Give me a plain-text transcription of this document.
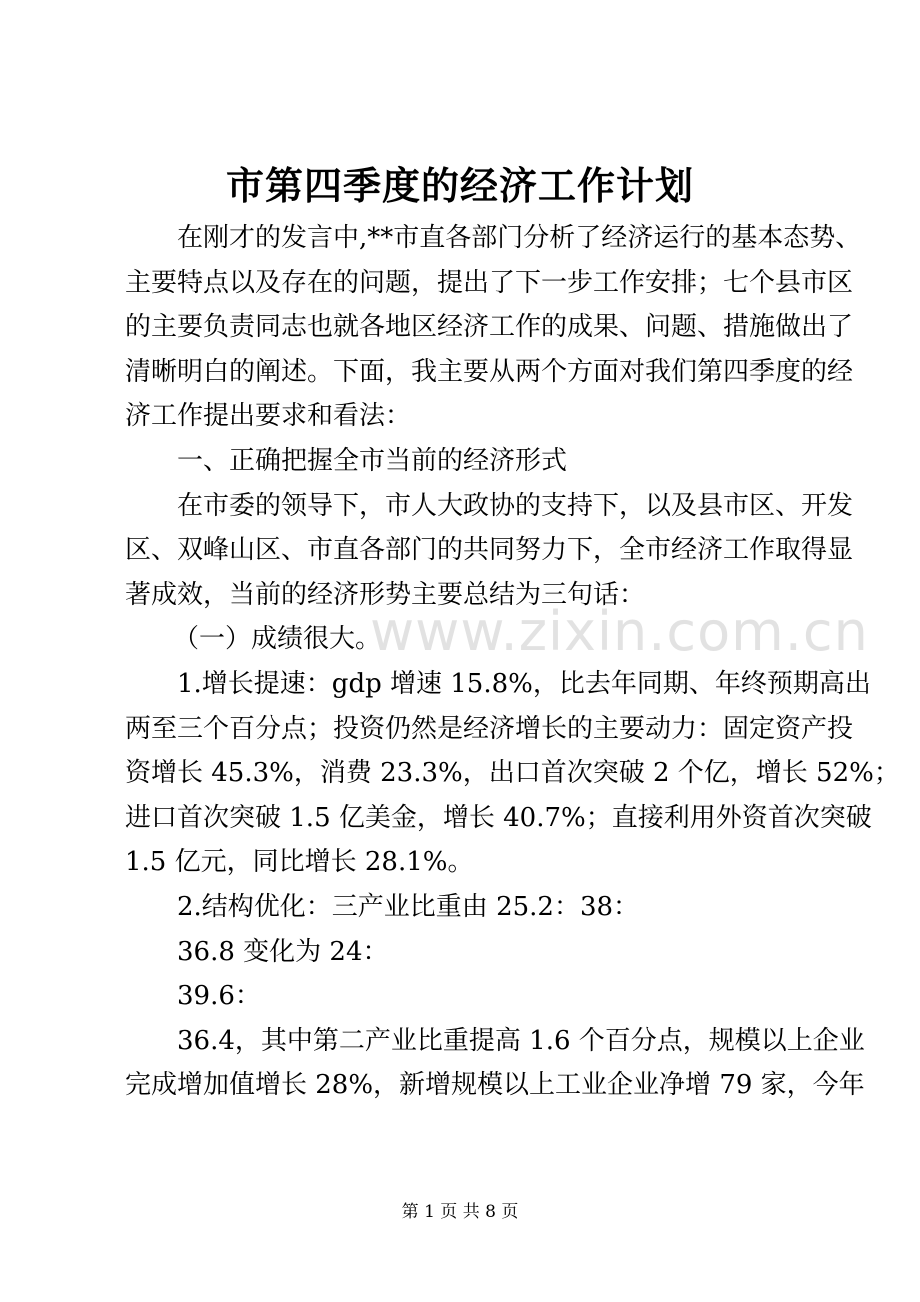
市第四季度的经济工作计划
在刚才的发言中,**市直各部门分析了经济运行的基本态势、
主要特点以及存在的问题，提出了下一步工作安排；七个县市区
的主要负责同志也就各地区经济工作的成果、问题、措施做出了
清晰明白的阐述。下面，我主要从两个方面对我们第四季度的经
济工作提出要求和看法：
一、正确把握全市当前的经济形式
在市委的领导下，市人大政协的支持下，以及县市区、开发
区、双峰山区、市直各部门的共同努力下，全市经济工作取得显
著成效，当前的经济形势主要总结为三句话：
（一）成绩很大。
1.增长提速：gdp 增速 15.8%，比去年同期、年终预期高出
两至三个百分点；投资仍然是经济增长的主要动力：固定资产投
资增长 45.3%，消费 23.3%，出口首次突破 2 个亿，增长 52%；
进口首次突破 1.5 亿美金，增长 40.7%；直接利用外资首次突破
1.5 亿元，同比增长 28.1%。
2.结构优化：三产业比重由 25.2：38：
36.8 变化为 24：
39.6：
36.4，其中第二产业比重提高 1.6 个百分点，规模以上企业
完成增加值增长 28%，新增规模以上工业企业净增 79 家，今年
www.zixin.com.cn
第 1 页 共 8 页
